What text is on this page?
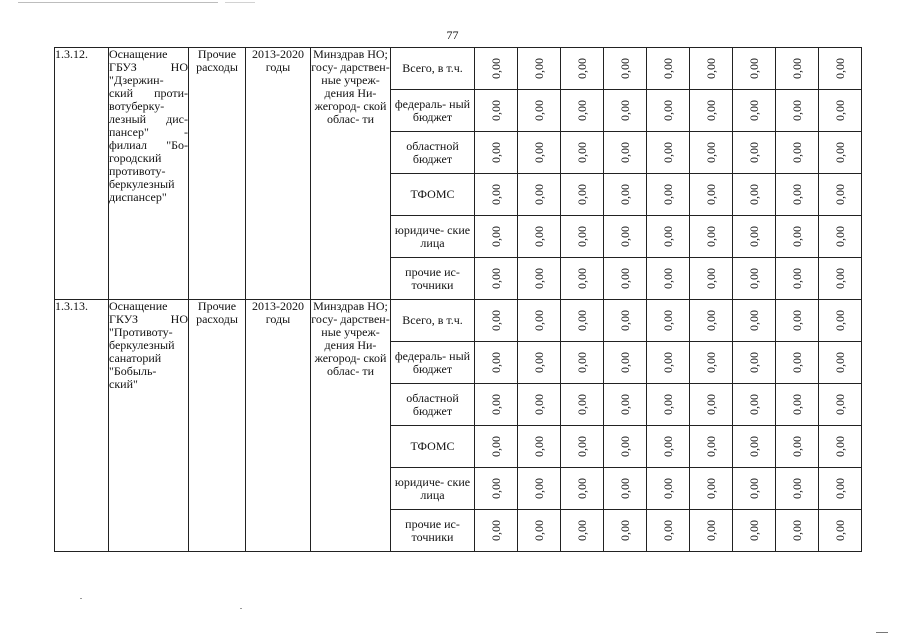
77
1.3.12.	Оснащение ГБУЗ НО "Дзержин- ский проти- вотуберку- лезный дис- пансер" - филиал "Бо- городский противоту- беркулезный диспансер"	Прочие расходы	2013-2020 годы	Минздрав НО; госу- дарствен- ные учреж- дения Ни- жегород- ской облас- ти	Всего, в т.ч.	0,00	0,00	0,00	0,00	0,00	0,00	0,00	0,00	0,00
					федераль- ный бюджет	0,00	0,00	0,00	0,00	0,00	0,00	0,00	0,00	0,00
					областной бюджет	0,00	0,00	0,00	0,00	0,00	0,00	0,00	0,00	0,00
					ТФОМС	0,00	0,00	0,00	0,00	0,00	0,00	0,00	0,00	0,00
					юридиче- ские лица	0,00	0,00	0,00	0,00	0,00	0,00	0,00	0,00	0,00
					прочие ис- точники	0,00	0,00	0,00	0,00	0,00	0,00	0,00	0,00	0,00

1.3.13.	Оснащение ГКУЗ НО "Противоту- беркулезный санаторий "Бобыль- ский"	Прочие расходы	2013-2020 годы	Минздрав НО; госу- дарствен- ные учреж- дения Ни- жегород- ской облас- ти	Всего, в т.ч.	0,00	0,00	0,00	0,00	0,00	0,00	0,00	0,00	0,00
					федераль- ный бюджет	0,00	0,00	0,00	0,00	0,00	0,00	0,00	0,00	0,00
					областной бюджет	0,00	0,00	0,00	0,00	0,00	0,00	0,00	0,00	0,00
					ТФОМС	0,00	0,00	0,00	0,00	0,00	0,00	0,00	0,00	0,00
					юридиче- ские лица	0,00	0,00	0,00	0,00	0,00	0,00	0,00	0,00	0,00
					прочие ис- точники	0,00	0,00	0,00	0,00	0,00	0,00	0,00	0,00	0,00
